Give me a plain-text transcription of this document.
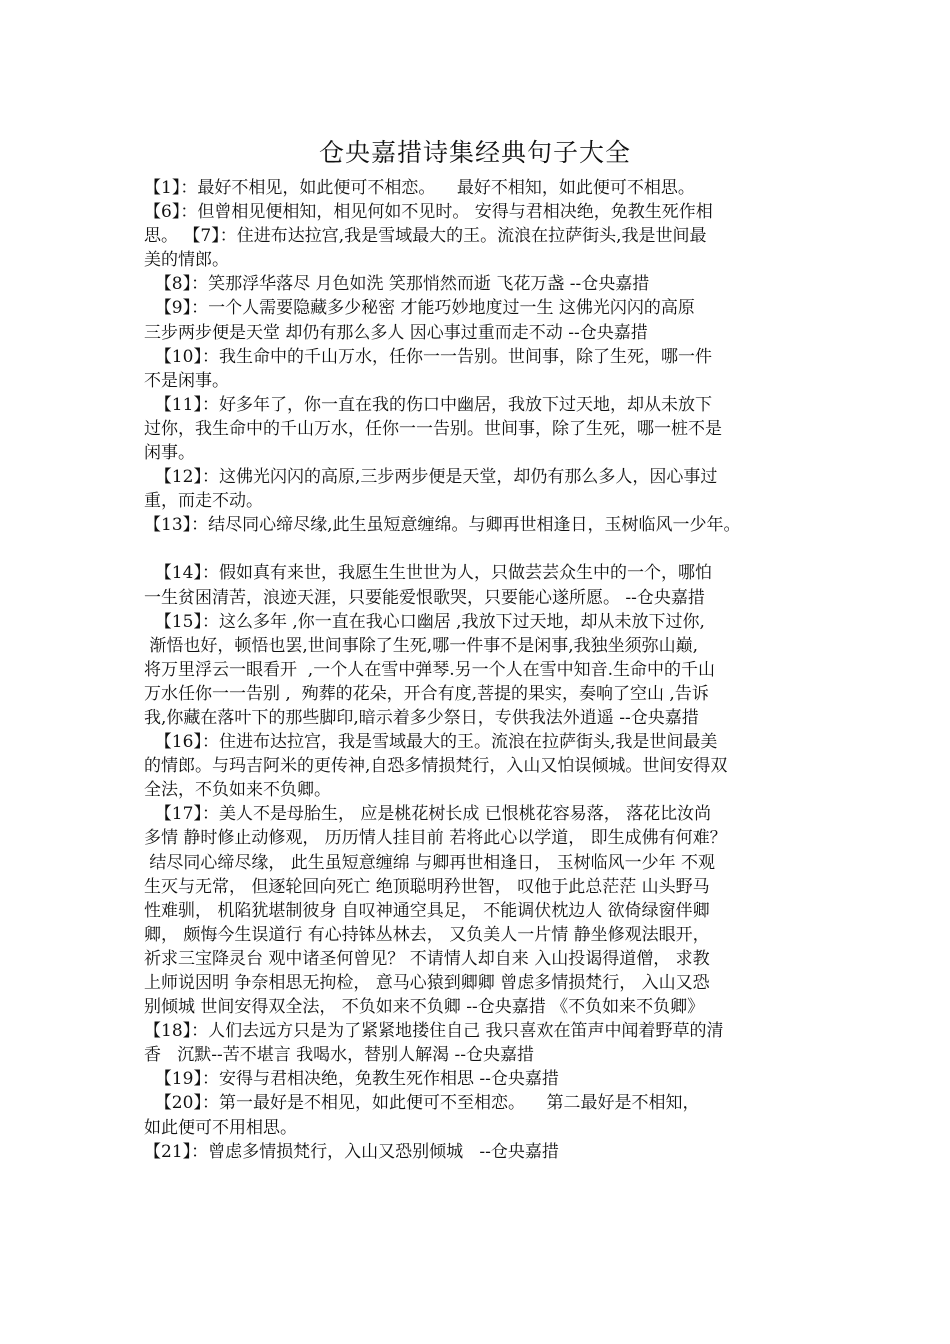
仓央嘉措诗集经典句子大全
【1】：最好不相见，如此便可不相恋。    最好不相知，如此便可不相思。
【6】：但曾相见便相知，相见何如不见时。 安得与君相决绝，免教生死作相
思。 【7】：住进布达拉宫,我是雪域最大的王。流浪在拉萨街头,我是世间最
美的情郎。
【8】：笑那浮华落尽 月色如洗 笑那悄然而逝 飞花万盏 --仓央嘉措
【9】：一个人需要隐藏多少秘密 才能巧妙地度过一生 这佛光闪闪的高原
三步两步便是天堂 却仍有那么多人 因心事过重而走不动 --仓央嘉措
【10】：我生命中的千山万水，任你一一告别。世间事，除了生死，哪一件
不是闲事。
【11】：好多年了，你一直在我的伤口中幽居，我放下过天地，却从未放下
过你，我生命中的千山万水，任你一一告别。世间事，除了生死，哪一桩不是
闲事。
【12】：这佛光闪闪的高原,三步两步便是天堂，却仍有那么多人，因心事过
重，而走不动。
【13】：结尽同心缔尽缘,此生虽短意缠绵。与卿再世相逢日，玉树临风一少年。
【14】：假如真有来世，我愿生生世世为人，只做芸芸众生中的一个，哪怕
一生贫困清苦，浪迹天涯，只要能爱恨歌哭，只要能心遂所愿。 --仓央嘉措
【15】：这么多年 ,你一直在我心口幽居 ,我放下过天地，却从未放下过你,
渐悟也好，顿悟也罢,世间事除了生死,哪一件事不是闲事,我独坐须弥山巅,
将万里浮云一眼看开  ,一个人在雪中弹琴.另一个人在雪中知音.生命中的千山
万水任你一一告别 ,  殉葬的花朵，开合有度,菩提的果实，奏响了空山 ,告诉
我,你藏在落叶下的那些脚印,暗示着多少祭日，专供我法外逍遥 --仓央嘉措
【16】：住进布达拉宫，我是雪域最大的王。流浪在拉萨街头,我是世间最美
的情郎。与玛吉阿米的更传神,自恐多情损梵行，入山又怕误倾城。世间安得双
全法，不负如来不负卿。
【17】：美人不是母胎生， 应是桃花树长成 已恨桃花容易落， 落花比汝尚
多情 静时修止动修观， 历历情人挂目前 若将此心以学道， 即生成佛有何难？
结尽同心缔尽缘， 此生虽短意缠绵 与卿再世相逢日， 玉树临风一少年 不观
生灭与无常， 但逐轮回向死亡 绝顶聪明矜世智， 叹他于此总茫茫 山头野马
性难驯， 机陷犹堪制彼身 自叹神通空具足， 不能调伏枕边人 欲倚绿窗伴卿
卿， 颇悔今生误道行 有心持钵丛林去， 又负美人一片情 静坐修观法眼开，
祈求三宝降灵台 观中诸圣何曾见？ 不请情人却自来 入山投谒得道僧， 求教
上师说因明 争奈相思无拘检， 意马心猿到卿卿 曾虑多情损梵行， 入山又恐
别倾城 世间安得双全法， 不负如来不负卿 --仓央嘉措 《不负如来不负卿》
【18】：人们去远方只是为了紧紧地搂住自己 我只喜欢在笛声中闻着野草的清
香   沉默--苦不堪言 我喝水，替别人解渴 --仓央嘉措
【19】：安得与君相决绝，免教生死作相思 --仓央嘉措
【20】：第一最好是不相见，如此便可不至相恋。    第二最好是不相知，
如此便可不用相思。
【21】：曾虑多情损梵行，入山又恐别倾城   --仓央嘉措
